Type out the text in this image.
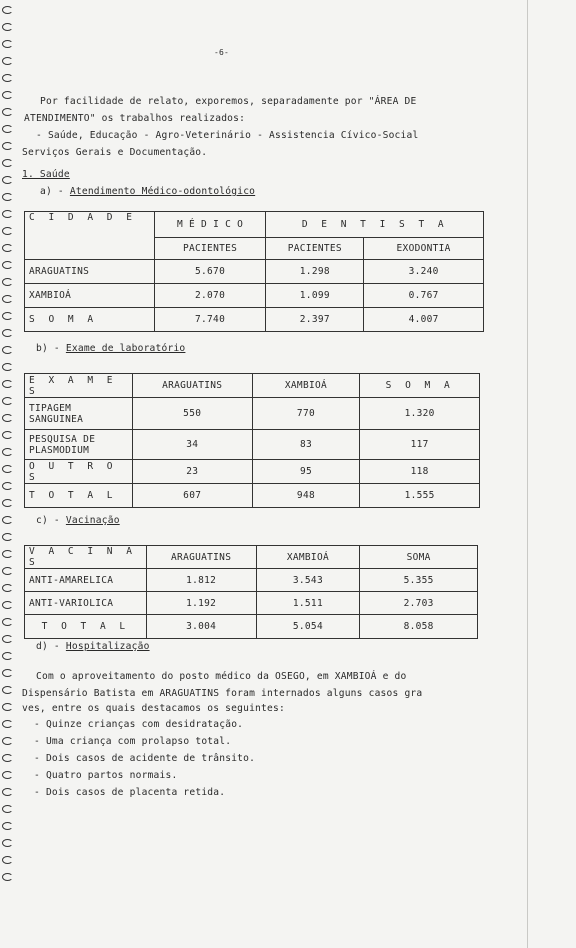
-6-
Por facilidade de relato, exporemos, separadamente por "ÁREA DE
ATENDIMENTO" os trabalhos realizados:
- Saúde, Educação - Agro-Veterinário - Assistencia Cívico-Social
Serviços Gerais e Documentação.
1. Saúde
a) - Atendimento Médico-odontológico
C I D A D E	M É D I C O	D E N T I S T A	
	PACIENTES	PACIENTES	EXODONTIA
ARAGUATINS	5.670	1.298	3.240
XAMBIOÁ	2.070	1.099	0.767
S O M A	7.740	2.397	4.007
b) - Exame de laboratório
E X A M E S	ARAGUATINS	XAMBIOÁ	S O M A

TIPAGEM
SANGUINEA	550	770	1.320

PESQUISA DE
PLASMODIUM	34	83	117
O U T R O S	23	95	118
T O T A L	607	948	1.555
c) - Vacinação
V A C I N A S	ARAGUATINS	XAMBIOÁ	SOMA
ANTI-AMARELICA	1.812	3.543	5.355
ANTI-VARIOLICA	1.192	1.511	2.703
T O T A L	3.004	5.054	8.058
d) - Hospitalização
Com o aproveitamento do posto médico da OSEGO, em XAMBIOÁ e do
Dispensário Batista em ARAGUATINS foram internados alguns casos gra
ves, entre os quais destacamos os seguintes:
- Quinze crianças com desidratação.
- Uma criança com prolapso total.
- Dois casos de acidente de trânsito.
- Quatro partos normais.
- Dois casos de placenta retida.
